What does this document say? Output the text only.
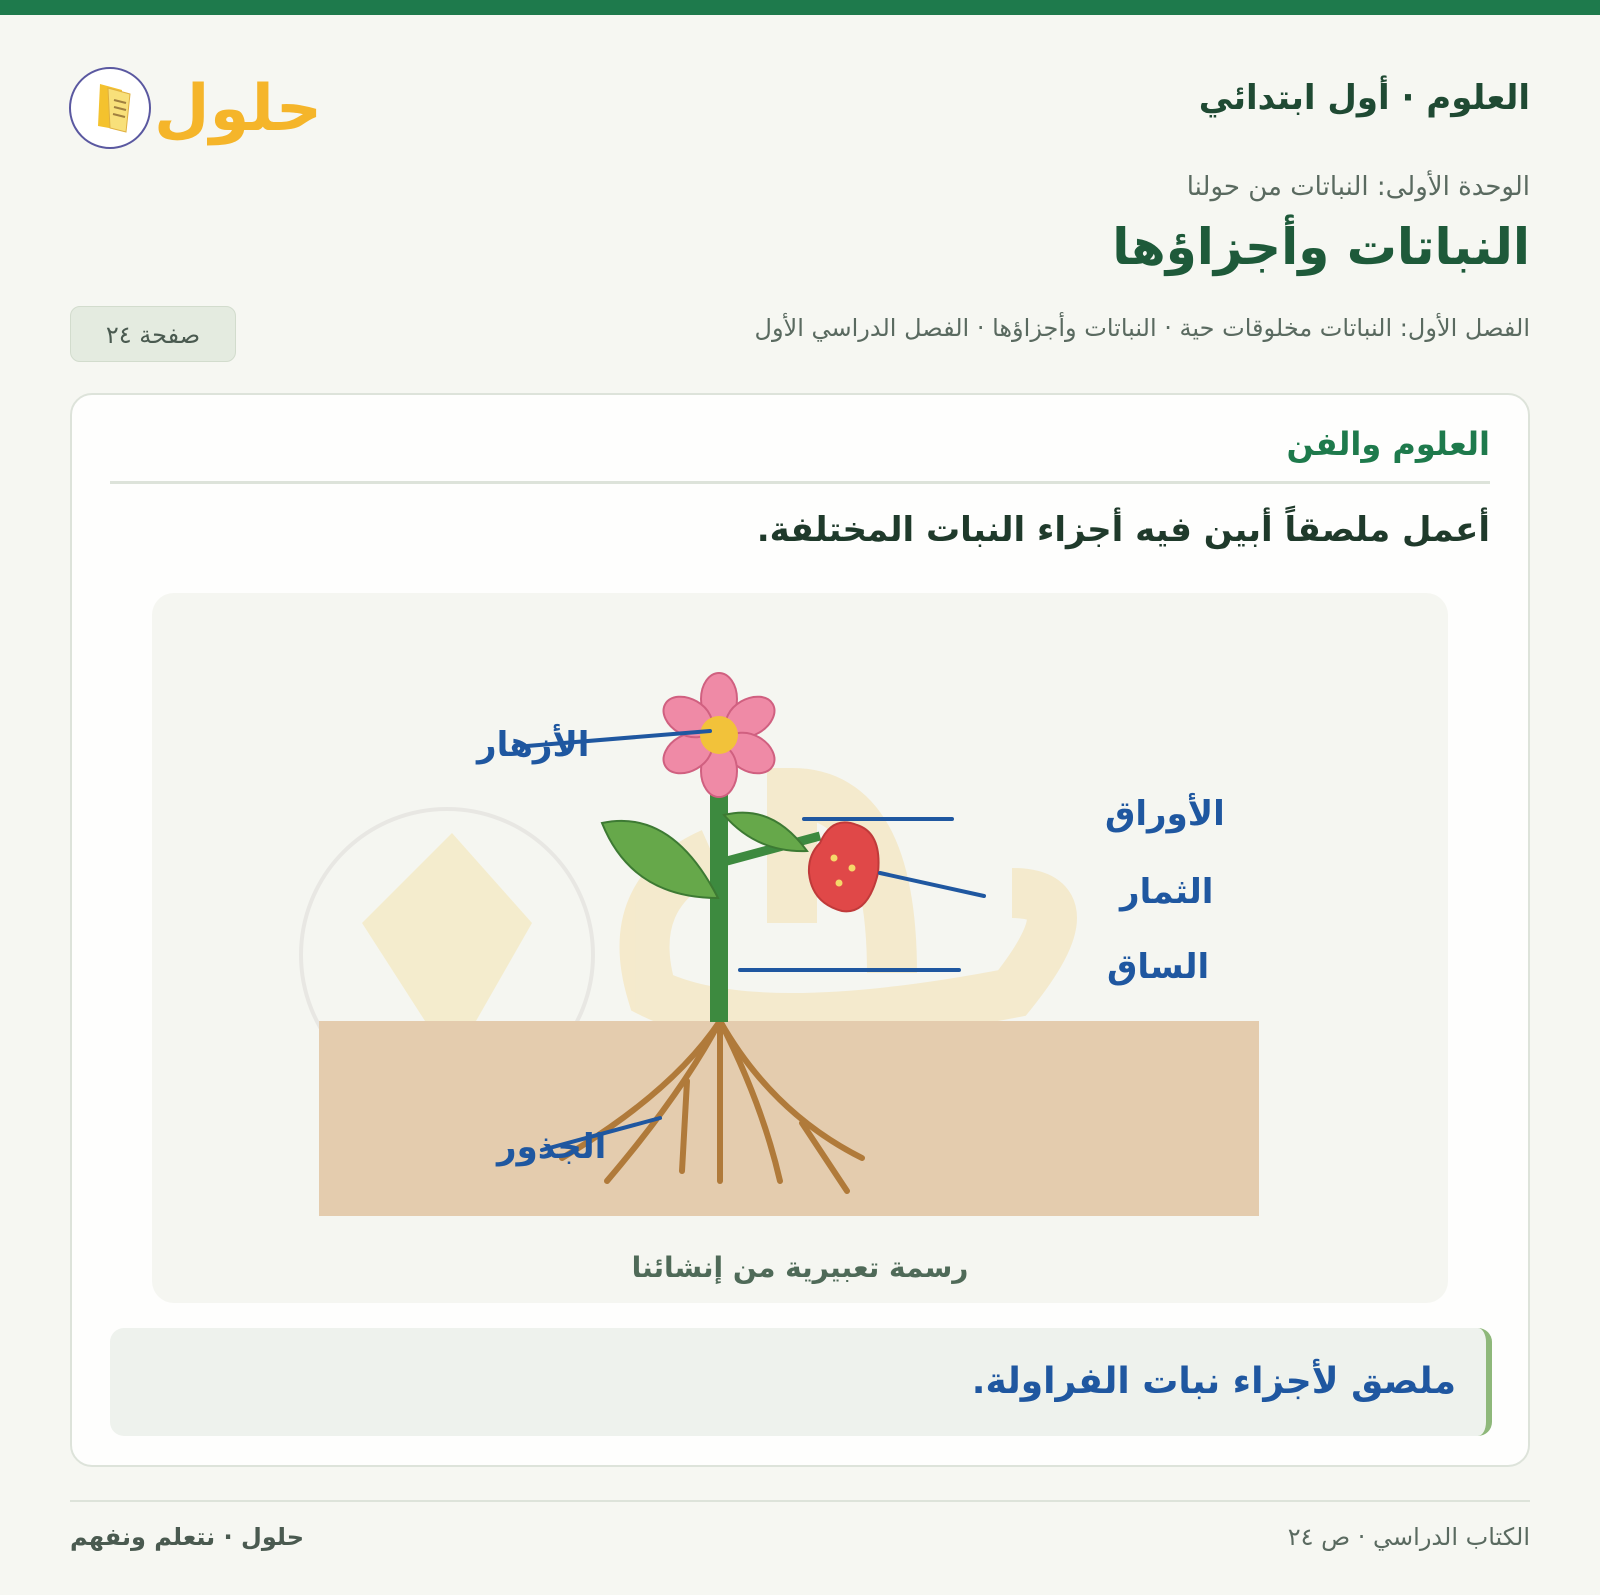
حلول	العلوم · أول ابتدائي
الوحدة الأولى: النباتات من حولنا
النباتات وأجزاؤها
الفصل الأول: النباتات مخلوقات حية · النباتات وأجزاؤها · الفصل الدراسي الأول
صفحة ٢٤
العلوم والفن
أعمل ملصقاً أبين فيه أجزاء النبات المختلفة.
الأزهار
الأوراق
الثمار
الساق
الجذور
رسمة تعبيرية من إنشائنا
ملصق لأجزاء نبات الفراولة.
الكتاب الدراسي · ص ٢٤
حلول · نتعلم ونفهم
